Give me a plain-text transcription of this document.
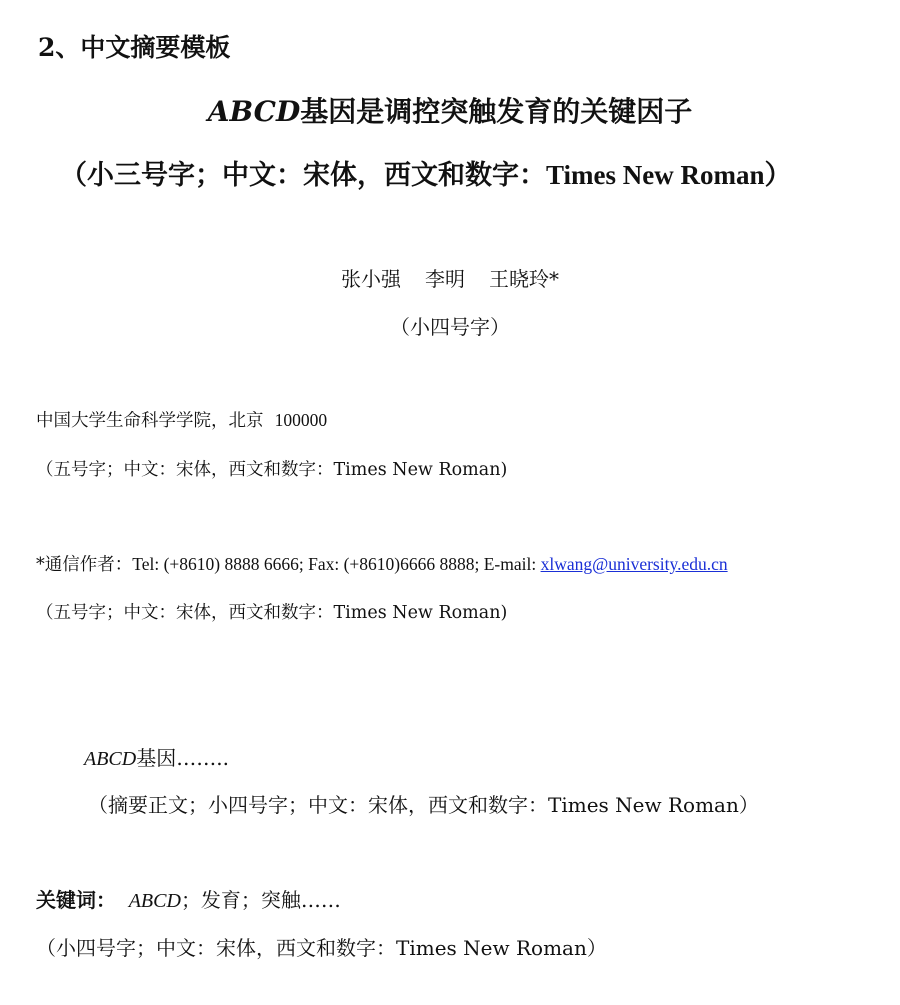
2、中文摘要模板
ABCD基因是调控突触发育的关键因子
（小三号字；中文：宋体，西文和数字：Times New Roman）
张小强 李明 王晓玲*
（小四号字）
中国大学生命科学学院，北京 100000
（五号字；中文：宋体，西文和数字：Times New Roman)
*通信作者：Tel: (+8610) 8888 6666; Fax: (+8610)6666 8888; E-mail: xlwang@university.edu.cn
（五号字；中文：宋体，西文和数字：Times New Roman)
ABCD基因……..
（摘要正文；小四号字；中文：宋体，西文和数字：Times New Roman）
关键词： ABCD；发育；突触……
（小四号字；中文：宋体，西文和数字：Times New Roman）
